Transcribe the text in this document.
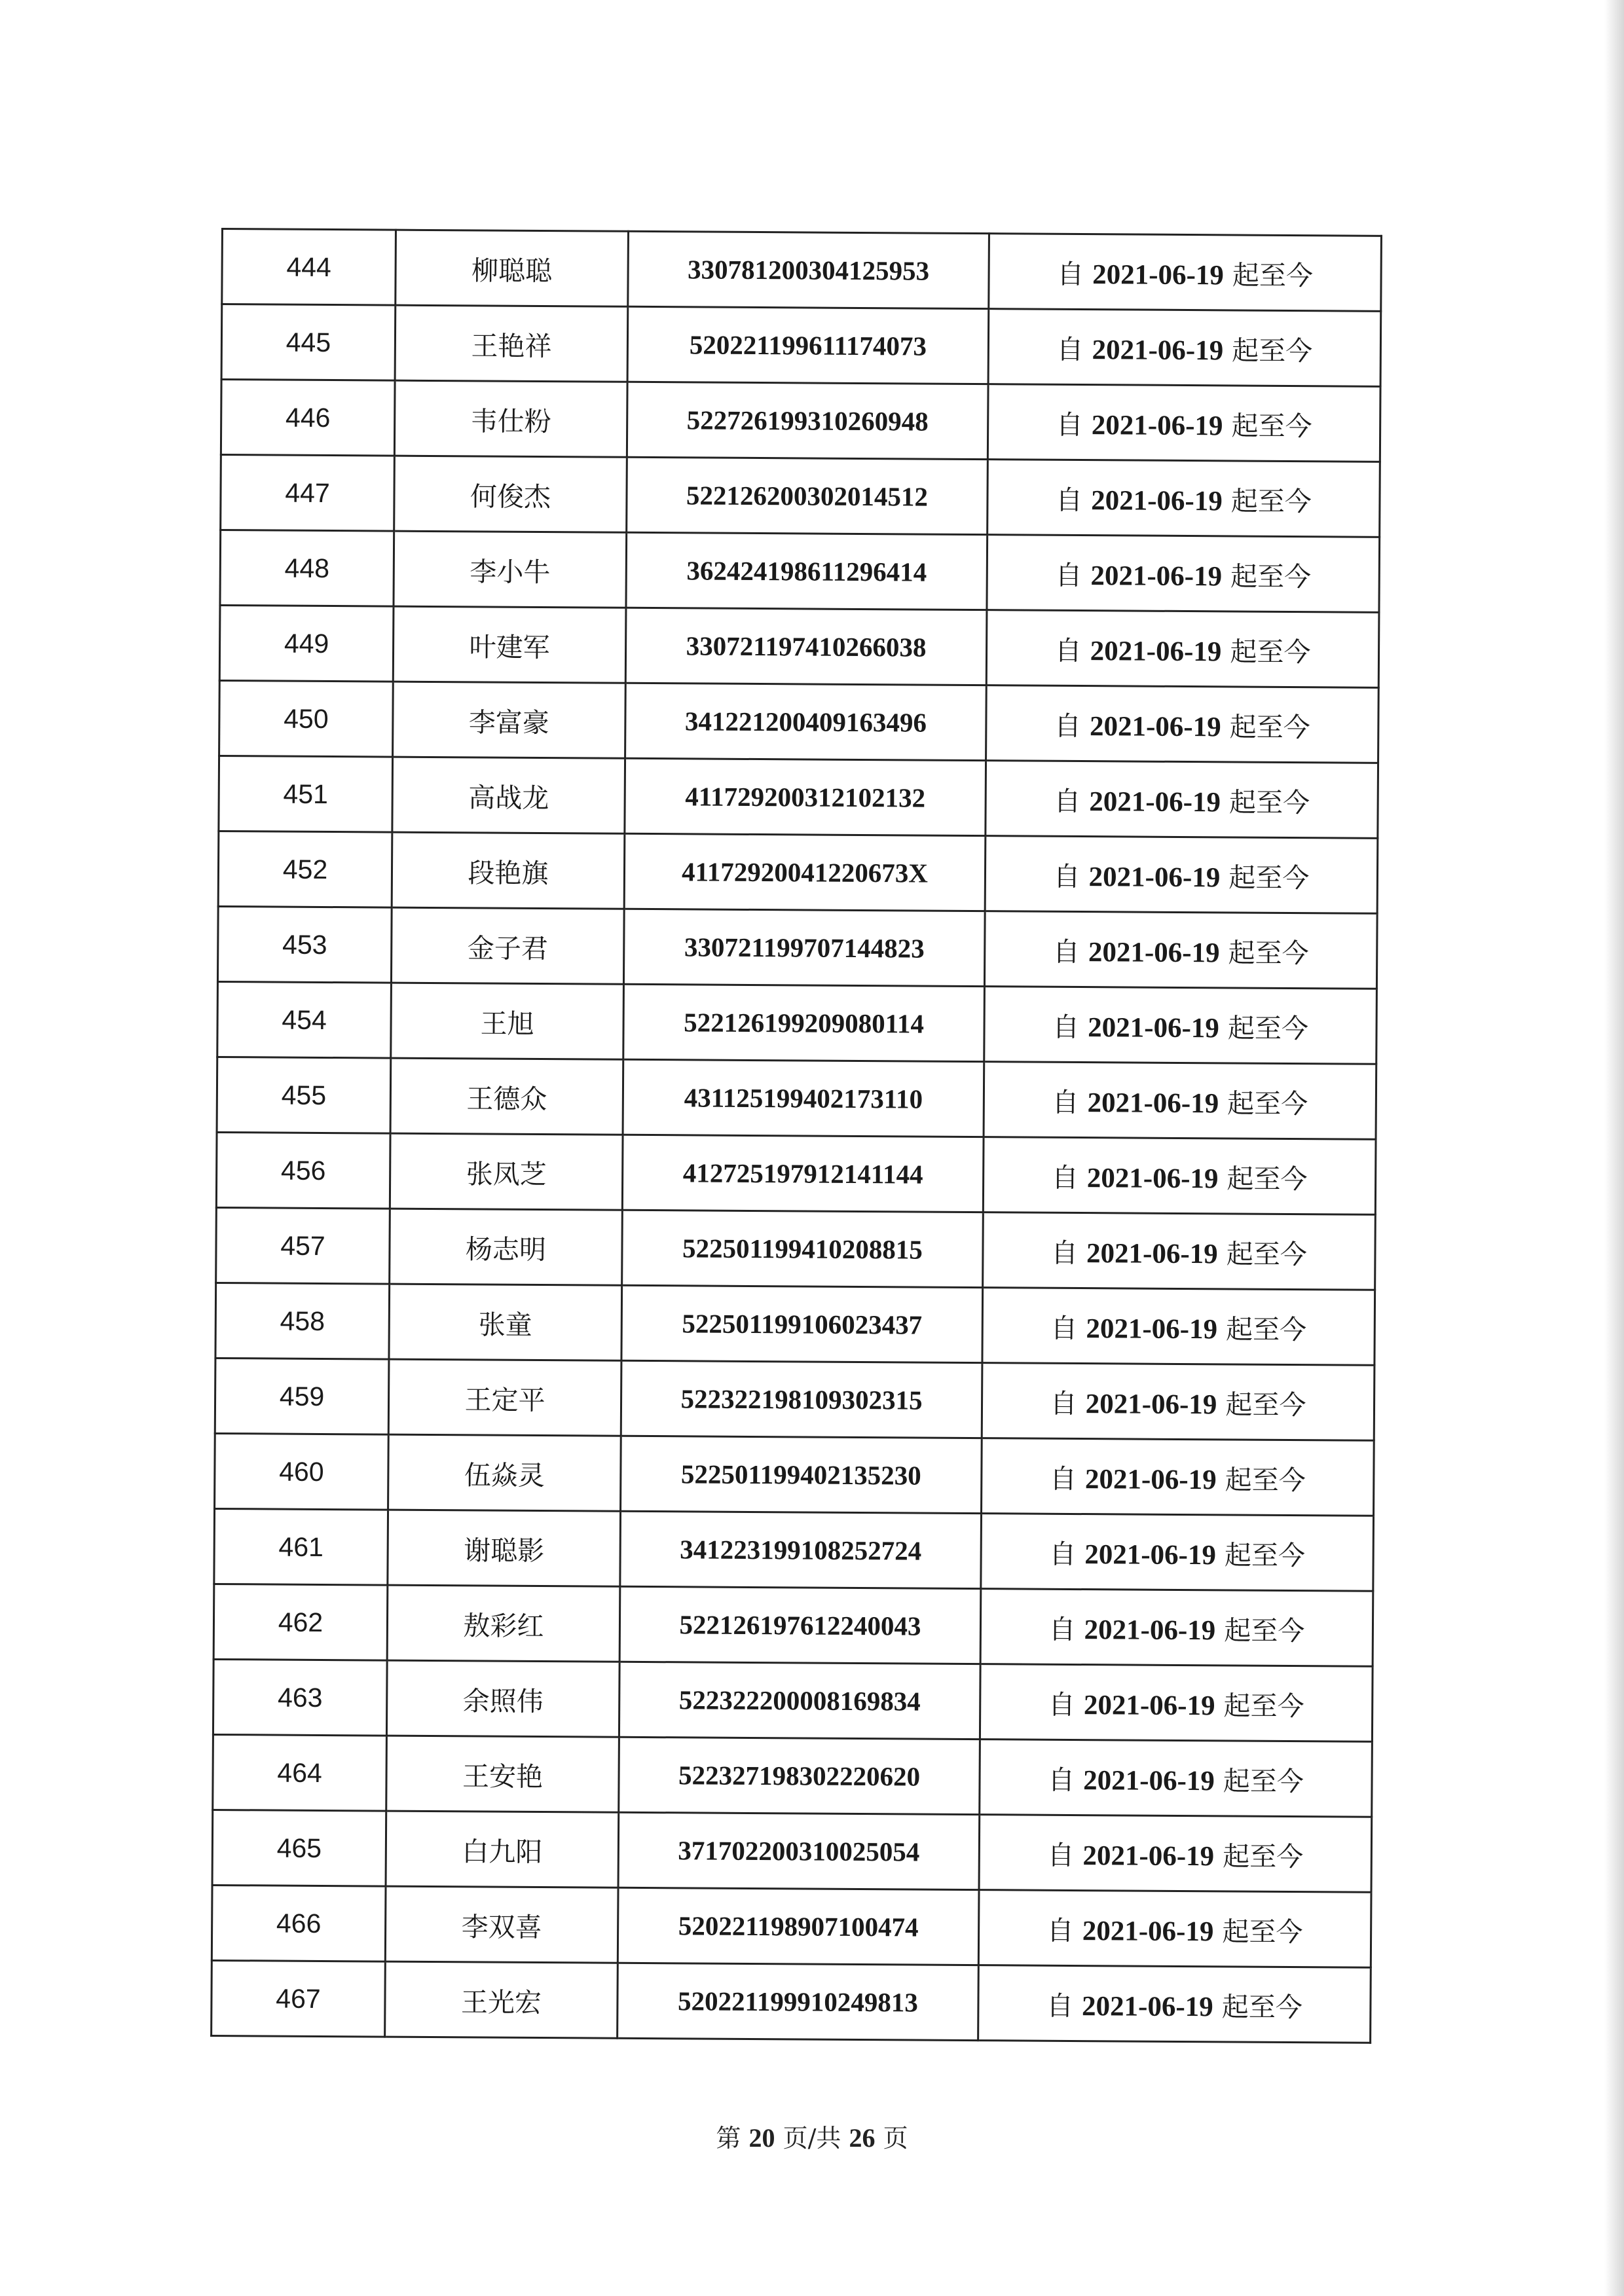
444	柳聪聪	330781200304125953	自 2021-06-19 起至今
445	王艳祥	520221199611174073	自 2021-06-19 起至今
446	韦仕粉	522726199310260948	自 2021-06-19 起至今
447	何俊杰	522126200302014512	自 2021-06-19 起至今
448	李小牛	362424198611296414	自 2021-06-19 起至今
449	叶建军	330721197410266038	自 2021-06-19 起至今
450	李富豪	341221200409163496	自 2021-06-19 起至今
451	高战龙	411729200312102132	自 2021-06-19 起至今
452	段艳旗	41172920041220673X	自 2021-06-19 起至今
453	金子君	330721199707144823	自 2021-06-19 起至今
454	王旭	522126199209080114	自 2021-06-19 起至今
455	王德众	431125199402173110	自 2021-06-19 起至今
456	张凤芝	412725197912141144	自 2021-06-19 起至今
457	杨志明	522501199410208815	自 2021-06-19 起至今
458	张童	522501199106023437	自 2021-06-19 起至今
459	王定平	522322198109302315	自 2021-06-19 起至今
460	伍焱灵	522501199402135230	自 2021-06-19 起至今
461	谢聪影	341223199108252724	自 2021-06-19 起至今
462	敖彩红	522126197612240043	自 2021-06-19 起至今
463	余照伟	522322200008169834	自 2021-06-19 起至今
464	王安艳	522327198302220620	自 2021-06-19 起至今
465	白九阳	371702200310025054	自 2021-06-19 起至今
466	李双喜	520221198907100474	自 2021-06-19 起至今
467	王光宏	520221199910249813	自 2021-06-19 起至今
第 20 页/共 26 页
